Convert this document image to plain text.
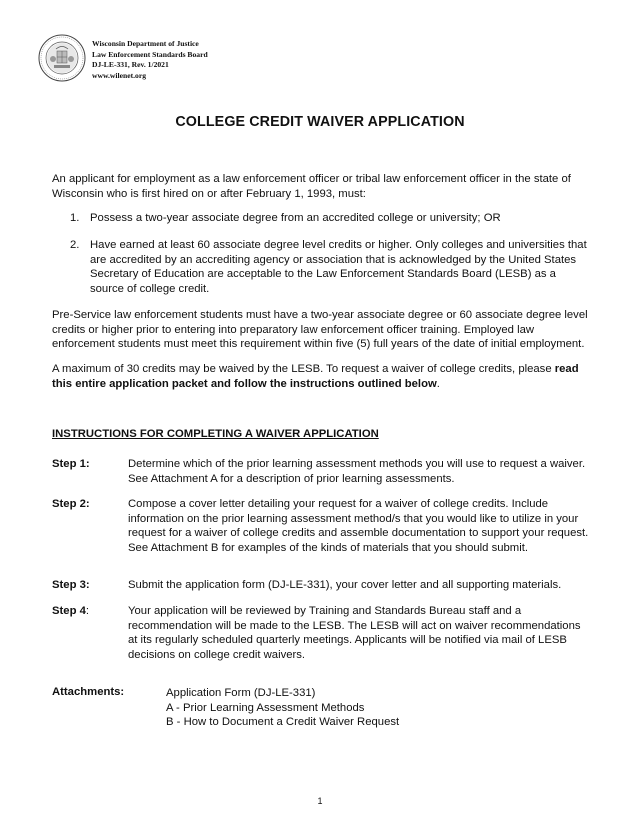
Wisconsin Department of Justice
Law Enforcement Standards Board
DJ-LE-331, Rev. 1/2021
www.wilenet.org
COLLEGE CREDIT WAIVER APPLICATION
An applicant for employment as a law enforcement officer or tribal law enforcement officer in the state of Wisconsin who is first hired on or after February 1, 1993, must:
1. Possess a two-year associate degree from an accredited college or university; OR
2. Have earned at least 60 associate degree level credits or higher. Only colleges and universities that are accredited by an accrediting agency or association that is acknowledged by the United States Secretary of Education are acceptable to the Law Enforcement Standards Board (LESB) as a source of college credit.
Pre-Service law enforcement students must have a two-year associate degree or 60 associate degree level credits or higher prior to entering into preparatory law enforcement officer training. Employed law enforcement students must meet this requirement within five (5) full years of the date of initial employment.
A maximum of 30 credits may be waived by the LESB. To request a waiver of college credits, please read this entire application packet and follow the instructions outlined below.
INSTRUCTIONS FOR COMPLETING A WAIVER APPLICATION
Step 1:	Determine which of the prior learning assessment methods you will use to request a waiver. See Attachment A for a description of prior learning assessments.
Step 2:	Compose a cover letter detailing your request for a waiver of college credits. Include information on the prior learning assessment method/s that you would like to utilize in your request for a waiver of college credits and assemble documentation to support your request. See Attachment B for examples of the kinds of materials that you should submit.
Step 3:	Submit the application form (DJ-LE-331), your cover letter and all supporting materials.
Step 4:	Your application will be reviewed by Training and Standards Bureau staff and a recommendation will be made to the LESB. The LESB will act on waiver recommendations at its regularly scheduled quarterly meetings. Applicants will be notified via mail of LESB decisions on college credit waivers.
Attachments:	Application Form (DJ-LE-331)
A - Prior Learning Assessment Methods
B - How to Document a Credit Waiver Request
1
